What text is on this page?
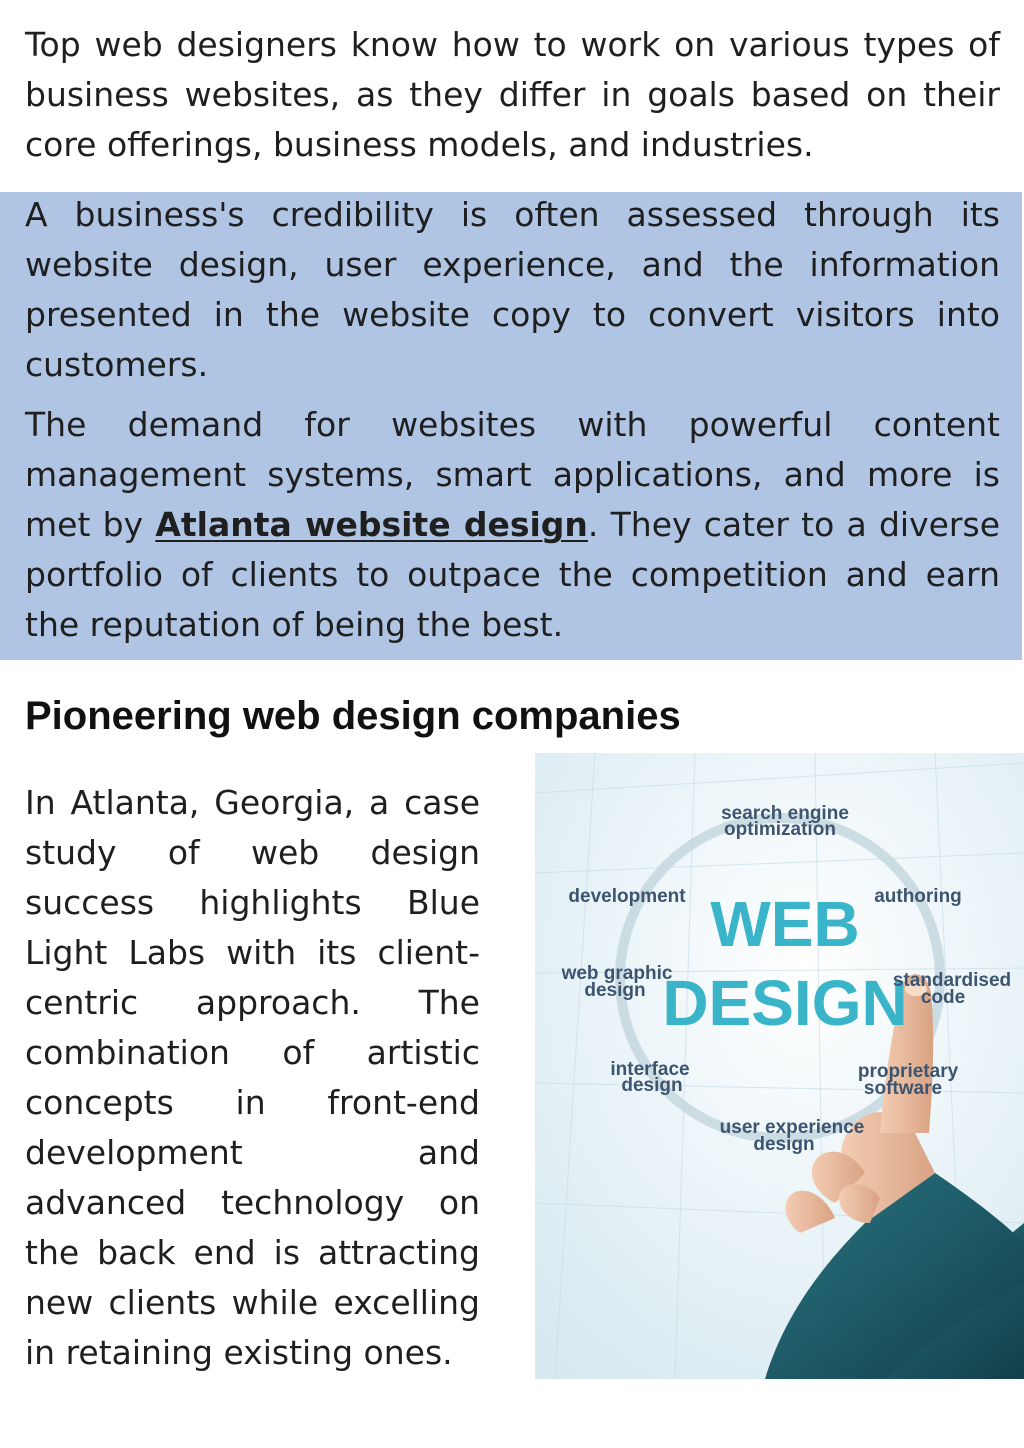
Top web designers know how to work on various types of business websites, as they differ in goals based on their core offerings, business models, and industries.

A business's credibility is often assessed through its website design, user experience, and the information presented in the website copy to convert visitors into customers.

The demand for websites with powerful content management systems, smart applications, and more is met by Atlanta website design. They cater to a diverse portfolio of clients to outpace the competition and earn the reputation of being the best.

Pioneering web design companies

In Atlanta, Georgia, a case study of web design success highlights Blue Light Labs with its client-centric approach. The combination of artistic concepts in front-end development and advanced technology on the back end is attracting new clients while excelling in retaining existing ones.

WEB
DESIGN
search engine
optimization
development	authoring
web graphic
design	standardised
code
interface
design
proprietary
software
user experience
design
